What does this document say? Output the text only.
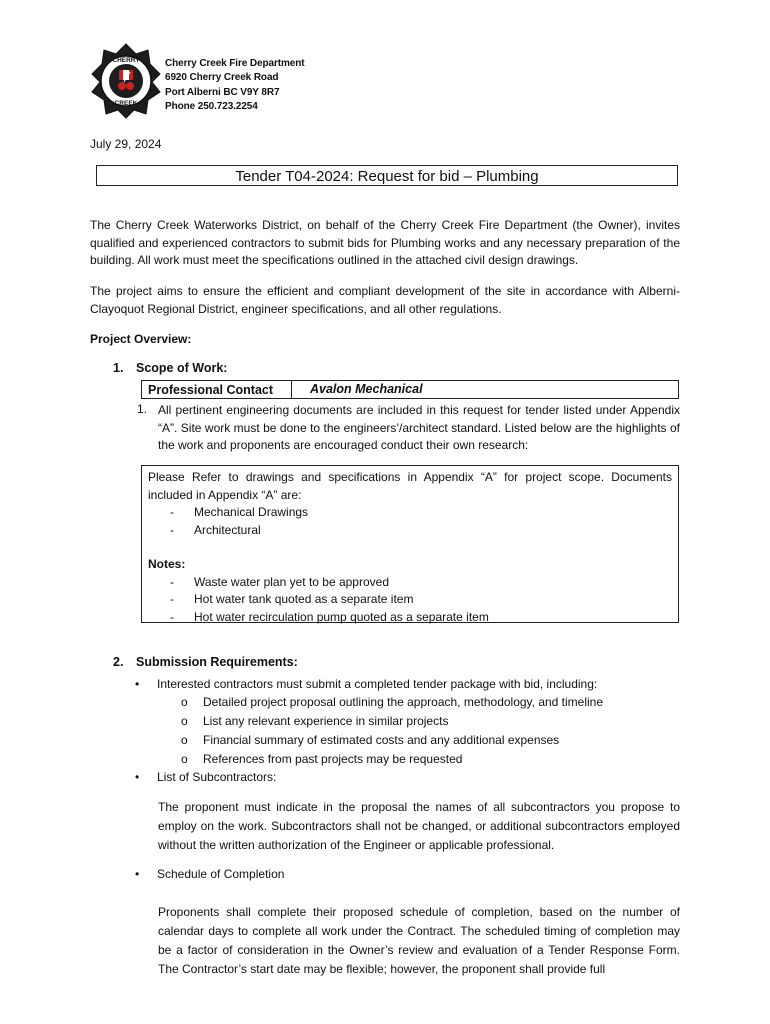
CHERRY
CREEK
Cherry Creek Fire Department
6920 Cherry Creek Road
Port Alberni BC V9Y 8R7
Phone 250.723.2254
July 29, 2024
Tender T04-2024: Request for bid – Plumbing
The Cherry Creek Waterworks District, on behalf of the Cherry Creek Fire Department (the Owner), invites qualified and experienced contractors to submit bids for Plumbing works and any necessary preparation of the building. All work must meet the specifications outlined in the attached civil design drawings.
The project aims to ensure the efficient and compliant development of the site in accordance with Alberni-Clayoquot Regional District, engineer specifications, and all other regulations.
Project Overview:
1. Scope of Work:
Professional Contact	Avalon Mechanical
1. All pertinent engineering documents are included in this request for tender listed under Appendix “A”. Site work must be done to the engineers’/architect standard. Listed below are the highlights of the work and proponents are encouraged conduct their own research:
Please Refer to drawings and specifications in Appendix “A” for project scope. Documents included in Appendix “A” are:
- Mechanical Drawings
- Architectural
Notes:
- Waste water plan yet to be approved
- Hot water tank quoted as a separate item
- Hot water recirculation pump quoted as a separate item
2. Submission Requirements:
• Interested contractors must submit a completed tender package with bid, including:
o Detailed project proposal outlining the approach, methodology, and timeline
o List any relevant experience in similar projects
o Financial summary of estimated costs and any additional expenses
o References from past projects may be requested
• List of Subcontractors:
The proponent must indicate in the proposal the names of all subcontractors you propose to employ on the work. Subcontractors shall not be changed, or additional subcontractors employed without the written authorization of the Engineer or applicable professional.
• Schedule of Completion
Proponents shall complete their proposed schedule of completion, based on the number of calendar days to complete all work under the Contract. The scheduled timing of completion may be a factor of consideration in the Owner’s review and evaluation of a Tender Response Form. The Contractor’s start date may be flexible; however, the proponent shall provide full
